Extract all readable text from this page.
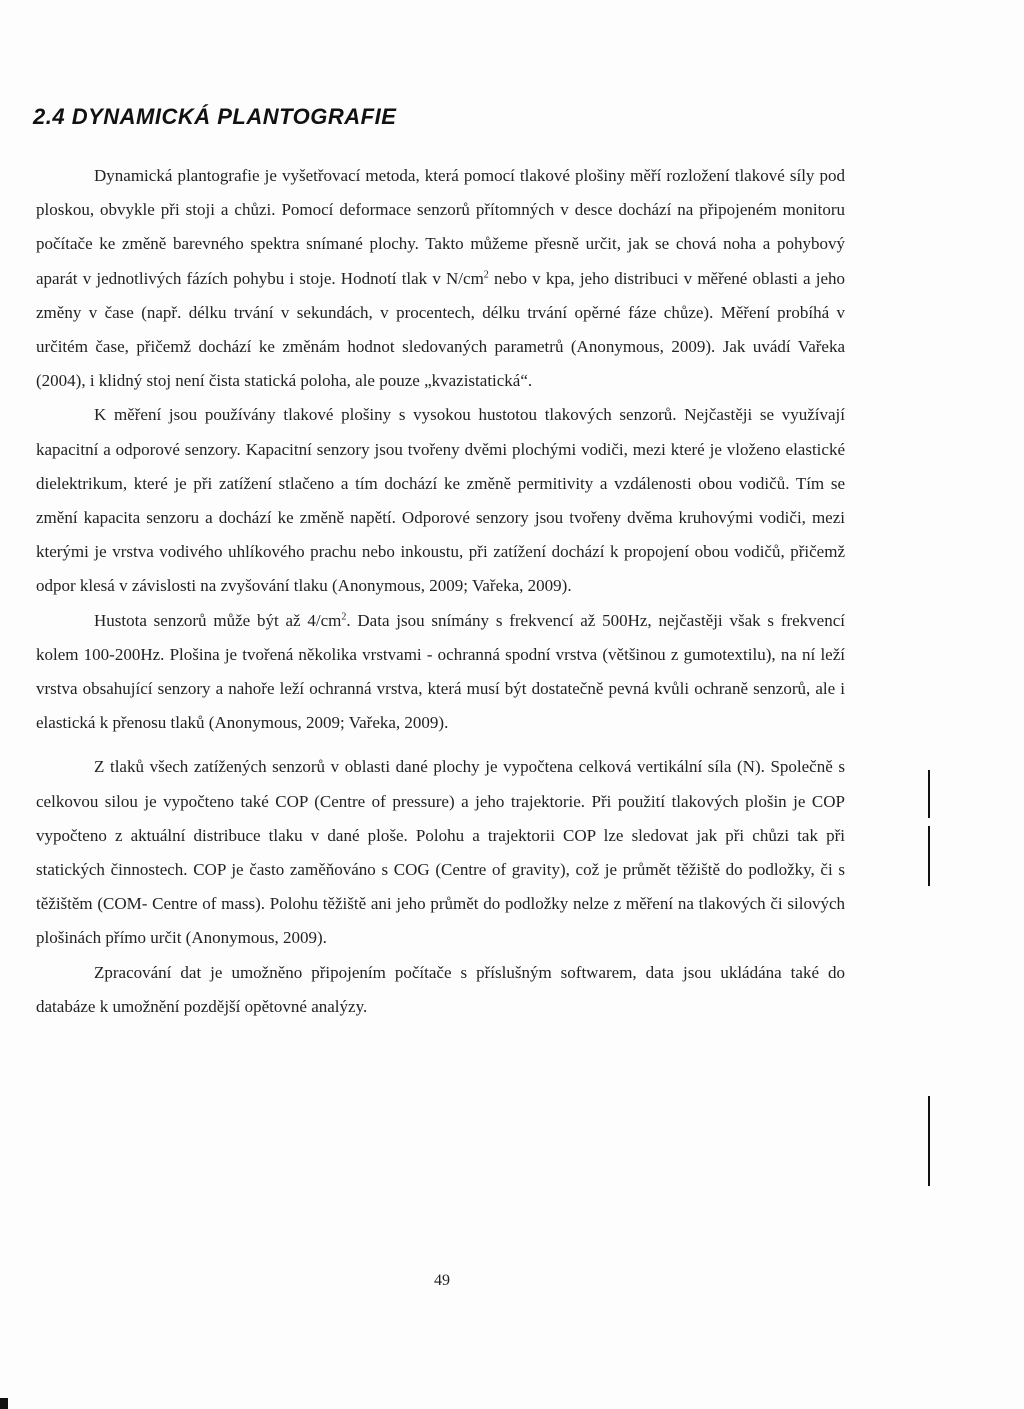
2.4 DYNAMICKÁ PLANTOGRAFIE

Dynamická plantografie je vyšetřovací metoda, která pomocí tlakové plošiny měří rozložení tlakové síly pod ploskou, obvykle při stoji a chůzi. Pomocí deformace senzorů přítomných v desce dochází na připojeném monitoru počítače ke změně barevného spektra snímané plochy. Takto můžeme přesně určit, jak se chová noha a pohybový aparát v jednotlivých fázích pohybu i stoje. Hodnotí tlak v $N/cm^2$ nebo v kpa, jeho distribuci v měřené oblasti a jeho změny v čase (např. délku trvání v sekundách, v procentech, délku trvání opěrné fáze chůze). Měření probíhá v určitém čase, přičemž dochází ke změnám hodnot sledovaných parametrů (Anonymous, 2009). Jak uvádí Vařeka (2004), i klidný stoj není čista statická poloha, ale pouze „kvazistatická“.

K měření jsou používány tlakové plošiny s vysokou hustotou tlakových senzorů. Nejčastěji se využívají kapacitní a odporové senzory. Kapacitní senzory jsou tvořeny dvěmi plochými vodiči, mezi které je vloženo elastické dielektrikum, které je při zatížení stlačeno a tím dochází ke změně permitivity a vzdálenosti obou vodičů. Tím se změní kapacita senzoru a dochází ke změně napětí. Odporové senzory jsou tvořeny dvěma kruhovými vodiči, mezi kterými je vrstva vodivého uhlíkového prachu nebo inkoustu, při zatížení dochází k propojení obou vodičů, přičemž odpor klesá v závislosti na zvyšování tlaku (Anonymous, 2009; Vařeka, 2009).

Hustota senzorů může být až $4/cm^2$. Data jsou snímány s frekvencí až 500Hz, nejčastěji však s frekvencí kolem 100-200Hz. Plošina je tvořená několika vrstvami - ochranná spodní vrstva (většinou z gumotextilu), na ní leží vrstva obsahující senzory a nahoře leží ochranná vrstva, která musí být dostatečně pevná kvůli ochraně senzorů, ale i elastická k přenosu tlaků (Anonymous, 2009; Vařeka, 2009).

Z tlaků všech zatížených senzorů v oblasti dané plochy je vypočtena celková vertikální síla (N). Společně s celkovou silou je vypočteno také COP (Centre of pressure) a jeho trajektorie. Při použití tlakových plošin je COP vypočteno z aktuální distribuce tlaku v dané ploše. Polohu a trajektorii COP lze sledovat jak při chůzi tak při statických činnostech. COP je často zaměňováno s COG (Centre of gravity), což je průmět těžiště do podložky, či s těžištěm (COM- Centre of mass). Polohu těžiště ani jeho průmět do podložky nelze z měření na tlakových či silových plošinách přímo určit (Anonymous, 2009).

Zpracování dat je umožněno připojením počítače s příslušným softwarem, data jsou ukládána také do databáze k umožnění pozdější opětovné analýzy.

49
